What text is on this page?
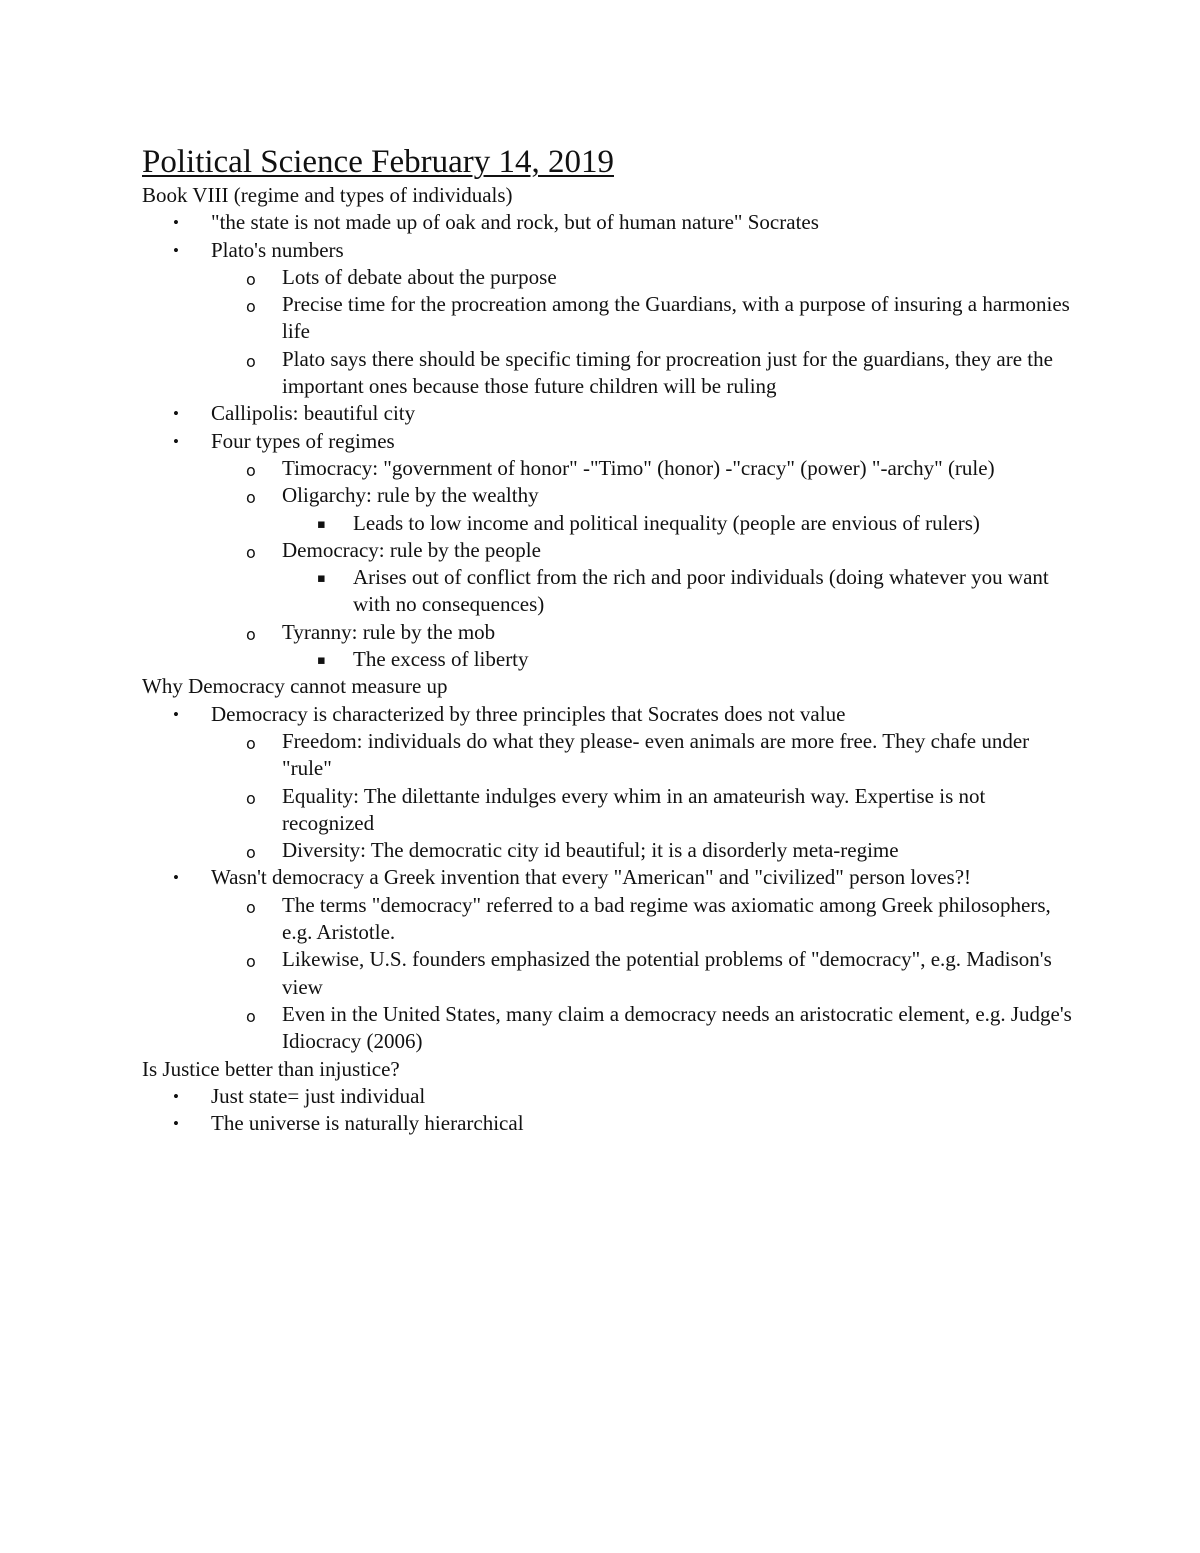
Political Science February 14, 2019

Book VIII (regime and types of individuals)

• "the state is not made up of oak and rock, but of human nature" Socrates
• Plato's numbers
o Lots of debate about the purpose
o Precise time for the procreation among the Guardians, with a purpose of insuring a harmonies life
o Plato says there should be specific timing for procreation just for the guardians, they are the important ones because those future children will be ruling
• Callipolis: beautiful city
• Four types of regimes
o Timocracy: "government of honor" -"Timo" (honor) -"cracy" (power) "-archy" (rule)
o Oligarchy: rule by the wealthy
▪ Leads to low income and political inequality (people are envious of rulers)
o Democracy: rule by the people
▪ Arises out of conflict from the rich and poor individuals (doing whatever you want with no consequences)
o Tyranny: rule by the mob
▪ The excess of liberty

Why Democracy cannot measure up

• Democracy is characterized by three principles that Socrates does not value
o Freedom: individuals do what they please- even animals are more free. They chafe under "rule"
o Equality: The dilettante indulges every whim in an amateurish way. Expertise is not recognized
o Diversity: The democratic city id beautiful; it is a disorderly meta-regime
• Wasn't democracy a Greek invention that every "American" and "civilized" person loves?!
o The terms "democracy" referred to a bad regime was axiomatic among Greek philosophers, e.g. Aristotle.
o Likewise, U.S. founders emphasized the potential problems of "democracy", e.g. Madison's view
o Even in the United States, many claim a democracy needs an aristocratic element, e.g. Judge's Idiocracy (2006)

Is Justice better than injustice?

• Just state= just individual
• The universe is naturally hierarchical
